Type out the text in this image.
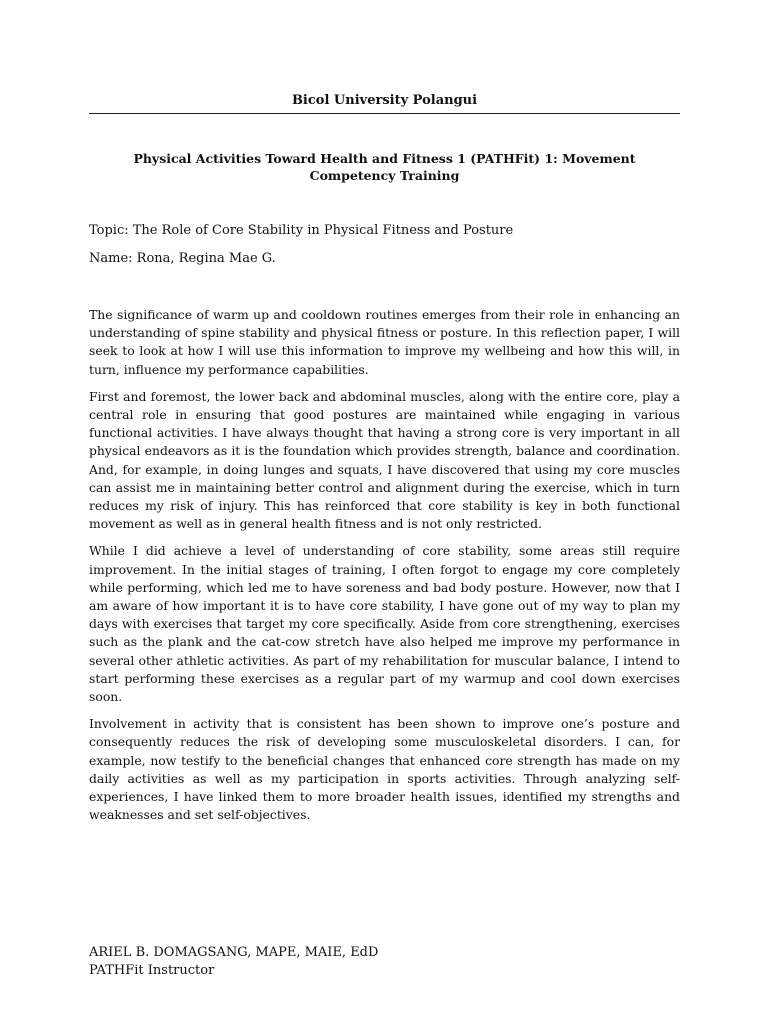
Bicol University Polangui
Physical Activities Toward Health and Fitness 1 (PATHFit) 1: Movement Competency Training
Topic: The Role of Core Stability in Physical Fitness and Posture
Name: Rona, Regina Mae G.

The significance of warm up and cooldown routines emerges from their role in enhancing an understanding of spine stability and physical fitness or posture. In this reflection paper, I will seek to look at how I will use this information to improve my wellbeing and how this will, in turn, influence my performance capabilities.

First and foremost, the lower back and abdominal muscles, along with the entire core, play a central role in ensuring that good postures are maintained while engaging in various functional activities. I have always thought that having a strong core is very important in all physical endeavors as it is the foundation which provides strength, balance and coordination. And, for example, in doing lunges and squats, I have discovered that using my core muscles can assist me in maintaining better control and alignment during the exercise, which in turn reduces my risk of injury. This has reinforced that core stability is key in both functional movement as well as in general health fitness and is not only restricted.

While I did achieve a level of understanding of core stability, some areas still require improvement. In the initial stages of training, I often forgot to engage my core completely while performing, which led me to have soreness and bad body posture. However, now that I am aware of how important it is to have core stability, I have gone out of my way to plan my days with exercises that target my core specifically. Aside from core strengthening, exercises such as the plank and the cat-cow stretch have also helped me improve my performance in several other athletic activities. As part of my rehabilitation for muscular balance, I intend to start performing these exercises as a regular part of my warmup and cool down exercises soon.

Involvement in activity that is consistent has been shown to improve one’s posture and consequently reduces the risk of developing some musculoskeletal disorders. I can, for example, now testify to the beneficial changes that enhanced core strength has made on my daily activities as well as my participation in sports activities. Through analyzing self-experiences, I have linked them to more broader health issues, identified my strengths and weaknesses and set self-objectives.

ARIEL B. DOMAGSANG, MAPE, MAIE, EdD
PATHFit Instructor
